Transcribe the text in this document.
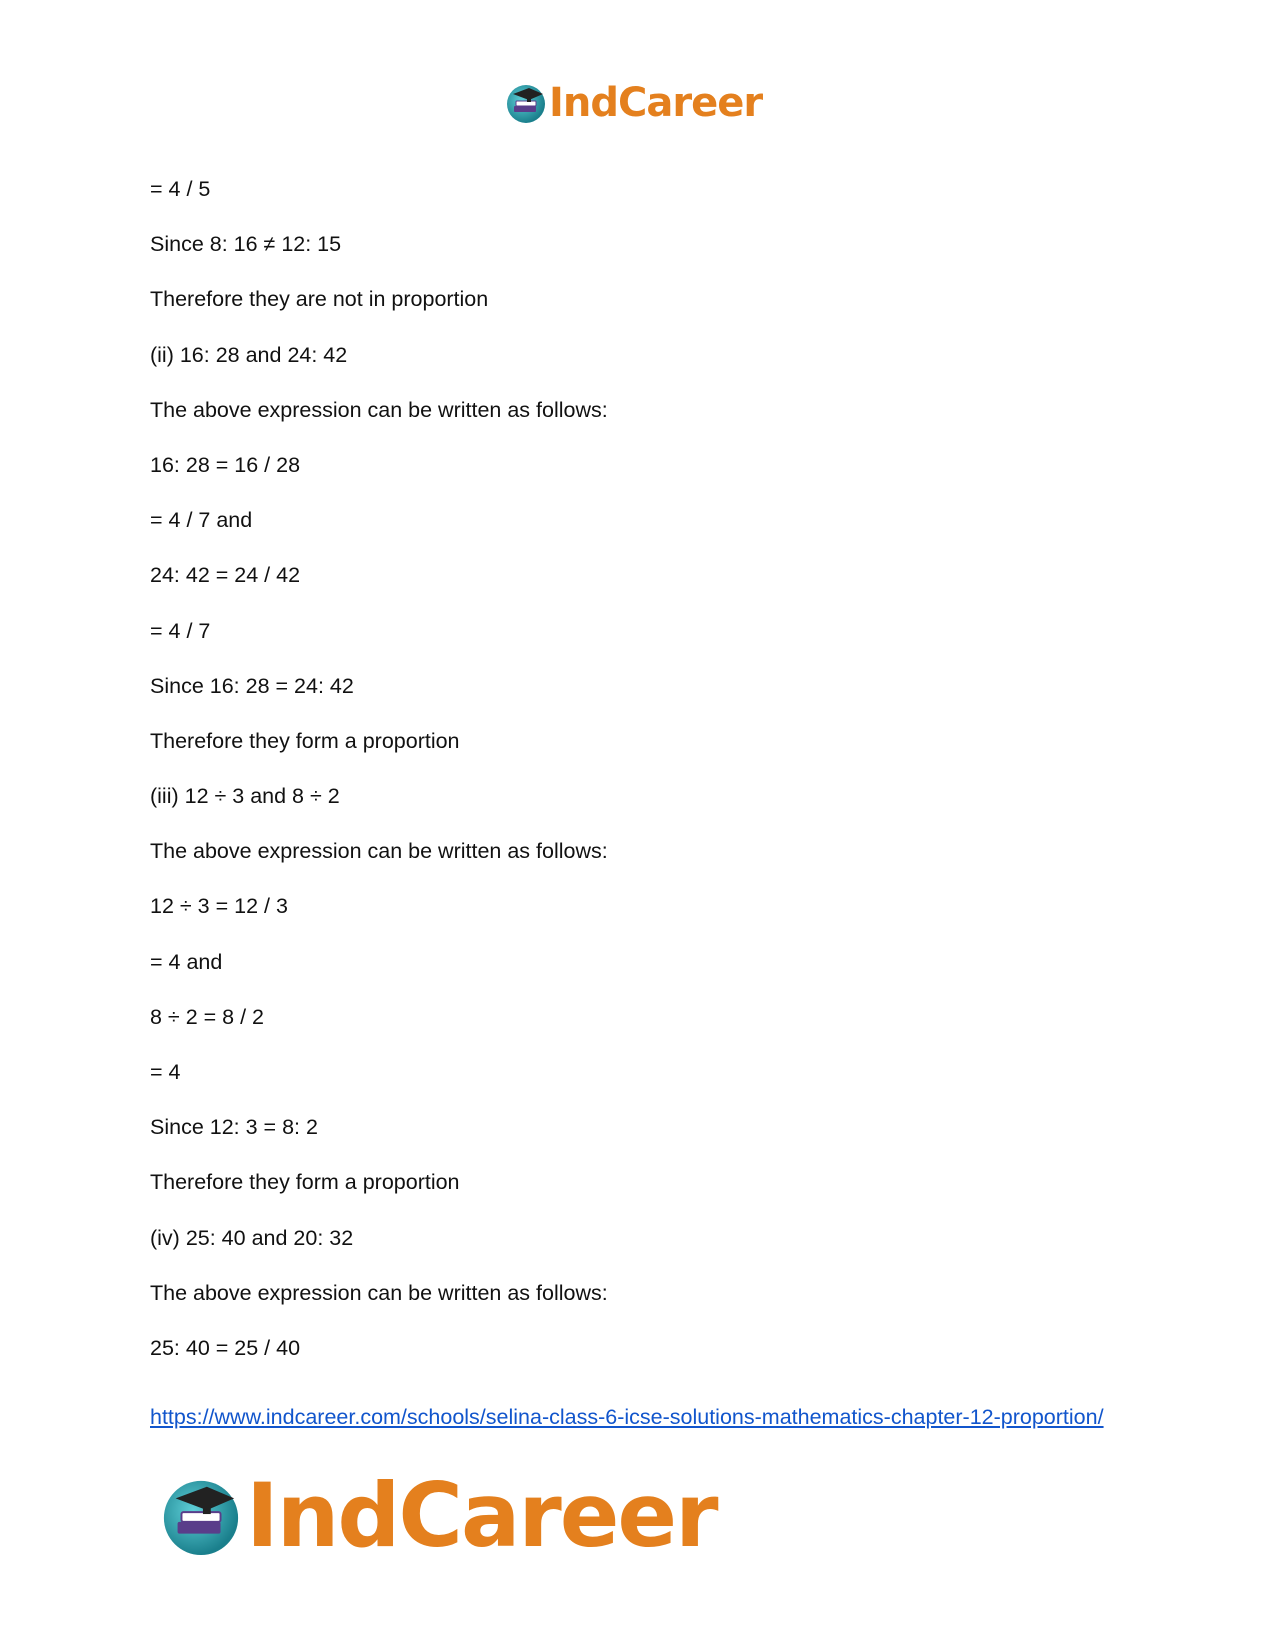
IndCareer
= 4 / 5
Since 8: 16 ≠ 12: 15
Therefore they are not in proportion
(ii) 16: 28 and 24: 42
The above expression can be written as follows:
16: 28 = 16 / 28
= 4 / 7 and
24: 42 = 24 / 42
= 4 / 7
Since 16: 28 = 24: 42
Therefore they form a proportion
(iii) 12 ÷ 3 and 8 ÷ 2
The above expression can be written as follows:
12 ÷ 3 = 12 / 3
= 4 and
8 ÷ 2 = 8 / 2
= 4
Since 12: 3 = 8: 2
Therefore they form a proportion
(iv) 25: 40 and 20: 32
The above expression can be written as follows:
25: 40 = 25 / 40
https://www.indcareer.com/schools/selina-class-6-icse-solutions-mathematics-chapter-12-proportion/
IndCareer
